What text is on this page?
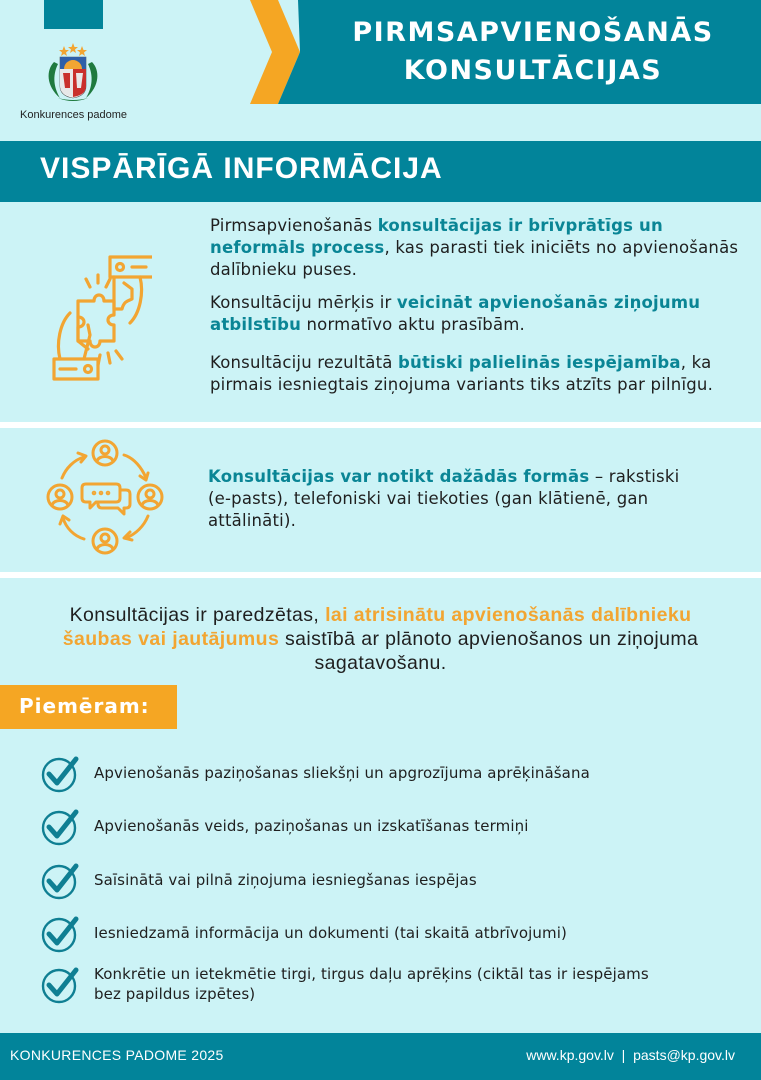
Konkurences padome
PIRMSAPVIENOŠANĀS
KONSULTĀCIJAS
VISPĀRĪGĀ INFORMĀCIJA
Pirmsapvienošanās konsultācijas ir brīvprātīgs un neformāls process, kas parasti tiek iniciēts no apvienošanās dalībnieku puses.
Konsultāciju mērķis ir veicināt apvienošanās ziņojumu atbilstību normatīvo aktu prasībām.
Konsultāciju rezultātā būtiski palielinās iespējamība, ka pirmais iesniegtais ziņojuma variants tiks atzīts par pilnīgu.
Konsultācijas var notikt dažādās formās – rakstiski (e-pasts), telefoniski vai tiekoties (gan klātienē, gan attālināti).
Konsultācijas ir paredzētas, lai atrisinātu apvienošanās dalībnieku šaubas vai jautājumus saistībā ar plānoto apvienošanos un ziņojuma sagatavošanu.
Piemēram:
Apvienošanās paziņošanas sliekšņi un apgrozījuma aprēķināšana
Apvienošanās veids, paziņošanas un izskatīšanas termiņi
Saīsinātā vai pilnā ziņojuma iesniegšanas iespējas
Iesniedzamā informācija un dokumenti (tai skaitā atbrīvojumi)
Konkrētie un ietekmētie tirgi, tirgus daļu aprēķins (ciktāl tas ir iespējams bez papildus izpētes)
KONKURENCES PADOME 2025	www.kp.gov.lv  |  pasts@kp.gov.lv
